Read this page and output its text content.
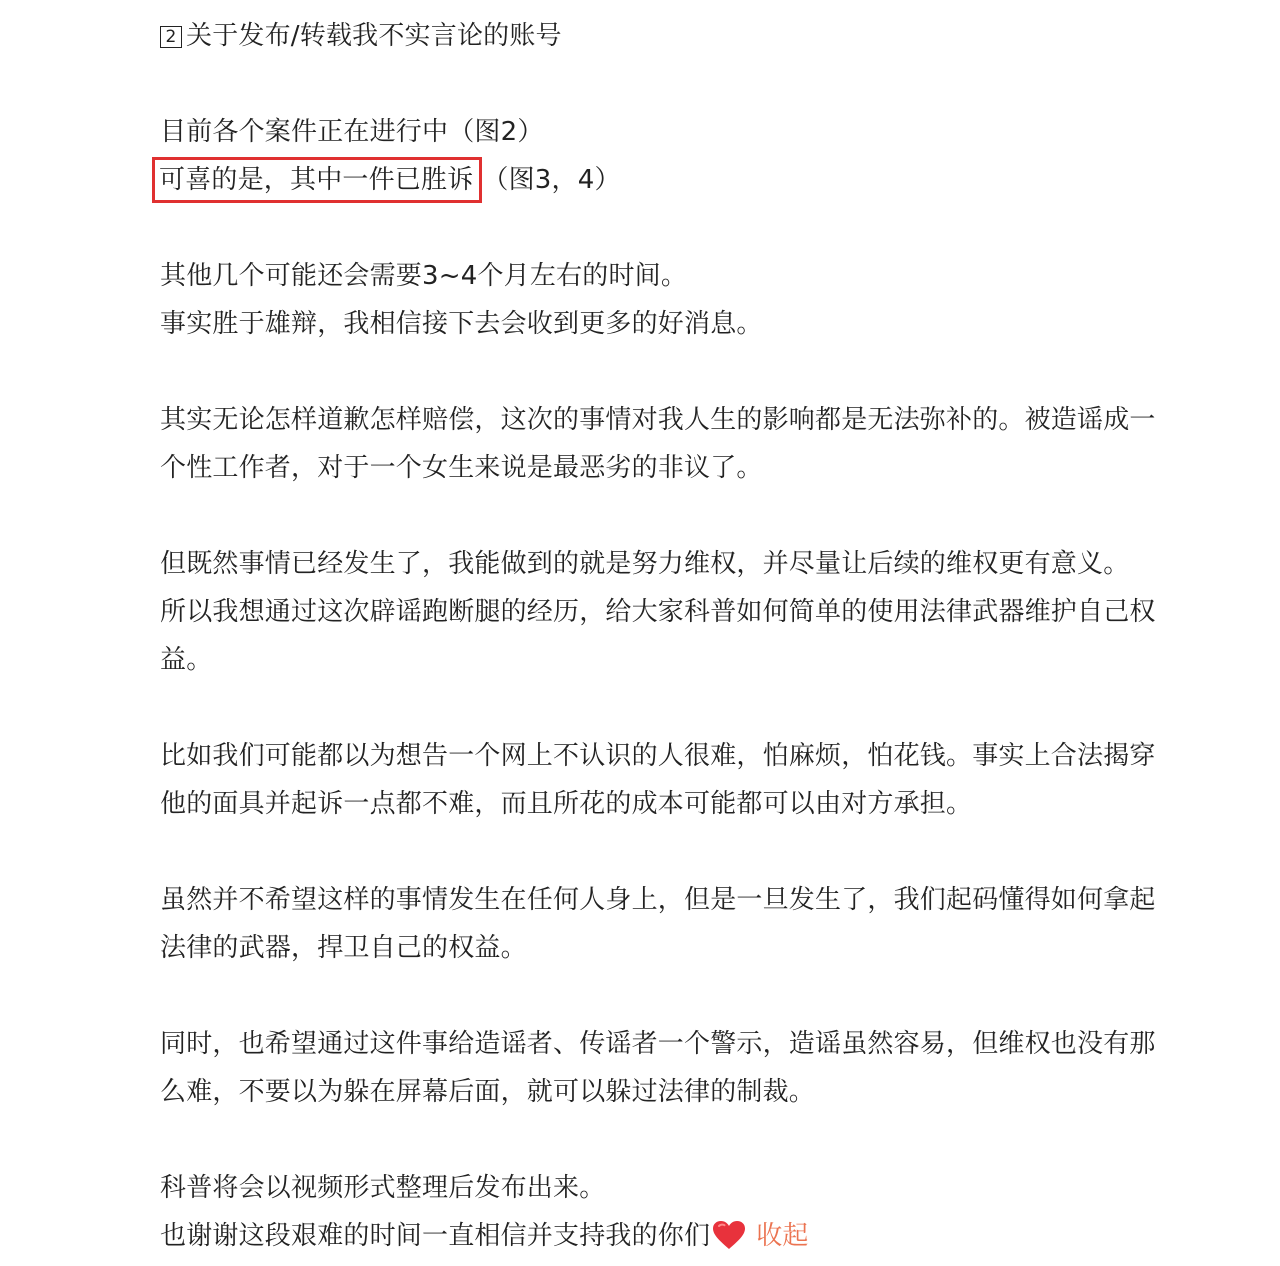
2 关于发布/转载我不实言论的账号

目前各个案件正在进行中（图2）

可喜的是，其中一件已胜诉 （图3，4）

其他几个可能还会需要3~4个月左右的时间。

事实胜于雄辩，我相信接下去会收到更多的好消息。

其实无论怎样道歉怎样赔偿，这次的事情对我人生的影响都是无法弥补的。被造谣成一

个性工作者，对于一个女生来说是最恶劣的非议了。

但既然事情已经发生了，我能做到的就是努力维权，并尽量让后续的维权更有意义。

所以我想通过这次辟谣跑断腿的经历，给大家科普如何简单的使用法律武器维护自己权

益。

比如我们可能都以为想告一个网上不认识的人很难，怕麻烦，怕花钱。事实上合法揭穿

他的面具并起诉一点都不难，而且所花的成本可能都可以由对方承担。

虽然并不希望这样的事情发生在任何人身上，但是一旦发生了，我们起码懂得如何拿起

法律的武器，捍卫自己的权益。

同时，也希望通过这件事给造谣者、传谣者一个警示，造谣虽然容易，但维权也没有那

么难，不要以为躲在屏幕后面，就可以躲过法律的制裁。

科普将会以视频形式整理后发布出来。

也谢谢这段艰难的时间一直相信并支持我的你们 收起
